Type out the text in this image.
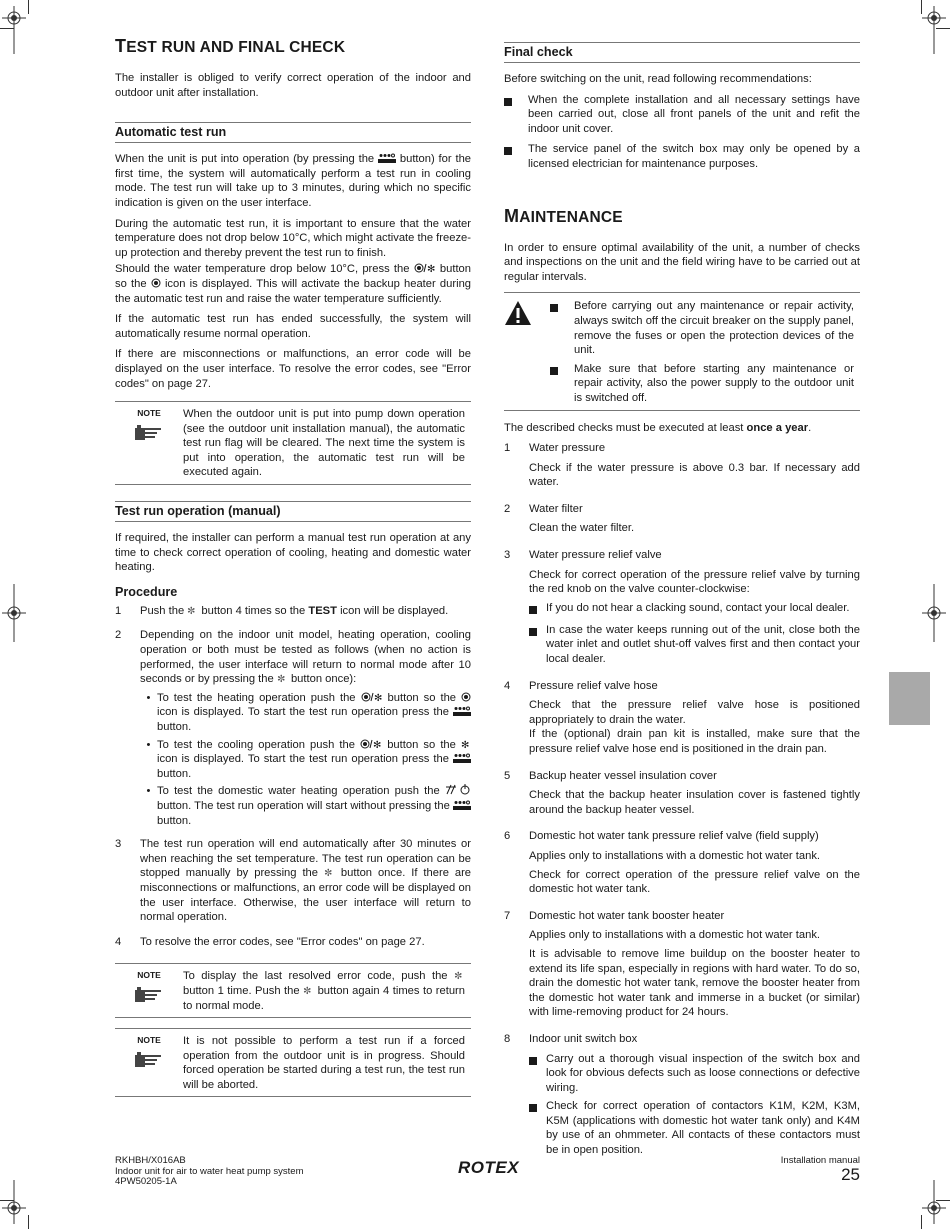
TEST RUN AND FINAL CHECK

The installer is obliged to verify correct operation of the indoor and outdoor unit after installation.

Automatic test run

When the unit is put into operation (by pressing the button) for the first time, the system will automatically perform a test run in cooling mode. The test run will take up to 3 minutes, during which no specific indication is given on the user interface.

During the automatic test run, it is important to ensure that the water temperature does not drop below 10°C, which might activate the freeze-up protection and thereby prevent the test run to finish.

Should the water temperature drop below 10°C, press the ✻ button so the icon is displayed. This will activate the backup heater during the automatic test run and raise the water temperature sufficiently.

If the automatic test run has ended successfully, the system will automatically resume normal operation.

If there are misconnections or malfunctions, an error code will be displayed on the user interface. To resolve the error codes, see "Error codes" on page 27.

NOTE	When the outdoor unit is put into pump down operation (see the outdoor unit installation manual), the automatic test run flag will be cleared. The next time the system is put into operation, the automatic test run will be executed again.
Test run operation (manual)

If required, the installer can perform a manual test run operation at any time to check correct operation of cooling, heating and domestic water heating.

Procedure
1	Push the ✼ button 4 times so the TEST icon will be displayed.

2	Depending on the indoor unit model, heating operation, cooling operation or both must be tested as follows (when no action is performed, the user interface will return to normal mode after 10 seconds or by pressing the ✼ button once):

• To test the heating operation push the ✻ button so the  icon is displayed. To start the test run operation press the  button.
• To test the cooling operation push the ✻ button so the ✻
icon is displayed. To start the test run operation press the  button.
• To test the domestic water heating operation push the  button. The test run operation will start without pressing the  button.
3	The test run operation will end automatically after 30 minutes or when reaching the set temperature. The test run operation can be stopped manually by pressing the ✼ button once. If there are misconnections or malfunctions, an error code will be displayed on the user interface. Otherwise, the user interface will return to normal operation.

4	To resolve the error codes, see "Error codes" on page 27.

NOTE	To display the last resolved error code, push the ✼
button 1 time. Push the ✼ button again 4 times to return to normal mode.
NOTE	It is not possible to perform a test run if a forced operation from the outdoor unit is in progress. Should forced operation be started during a test run, the test run will be aborted.
Final check

Before switching on the unit, read following recommendations:

When the complete installation and all necessary settings have been carried out, close all front panels of the unit and refit the indoor unit cover.
The service panel of the switch box may only be opened by a licensed electrician for maintenance purposes.
MAINTENANCE

In order to ensure optimal availability of the unit, a number of checks and inspections on the unit and the field wiring have to be carried out at regular intervals.

Before carrying out any maintenance or repair activity, always switch off the circuit breaker on the supply panel, remove the fuses or open the protection devices of the unit.
Make sure that before starting any maintenance or repair activity, also the power supply to the outdoor unit is switched off.

The described checks must be executed at least once a year.

1	Water pressure

Check if the water pressure is above 0.3 bar. If necessary add water.

2	Water filter

Clean the water filter.

3	Water pressure relief valve

Check for correct operation of the pressure relief valve by turning the red knob on the valve counter-clockwise:

If you do not hear a clacking sound, contact your local dealer.
In case the water keeps running out of the unit, close both the water inlet and outlet shut-off valves first and then contact your local dealer.
4	Pressure relief valve hose

Check that the pressure relief valve hose is positioned appropriately to drain the water.
If the (optional) drain pan kit is installed, make sure that the pressure relief valve hose end is positioned in the drain pan.

5	Backup heater vessel insulation cover

Check that the backup heater insulation cover is fastened tightly around the backup heater vessel.

6	Domestic hot water tank pressure relief valve (field supply)

Applies only to installations with a domestic hot water tank.

Check for correct operation of the pressure relief valve on the domestic hot water tank.

7	Domestic hot water tank booster heater

Applies only to installations with a domestic hot water tank.

It is advisable to remove lime buildup on the booster heater to extend its life span, especially in regions with hard water. To do so, drain the domestic hot water tank, remove the booster heater from the domestic hot water tank and immerse in a bucket (or similar) with lime-removing product for 24 hours.

8	Indoor unit switch box

Carry out a thorough visual inspection of the switch box and look for obvious defects such as loose connections or defective wiring.
Check for correct operation of contactors K1M, K2M, K3M, K5M (applications with domestic hot water tank only) and K4M by use of an ohmmeter. All contacts of these contactors must be in open position.
RKHBH/X016AB
Indoor unit for air to water heat pump system
4PW50205-1A
ROTEX	Installation manual
25
